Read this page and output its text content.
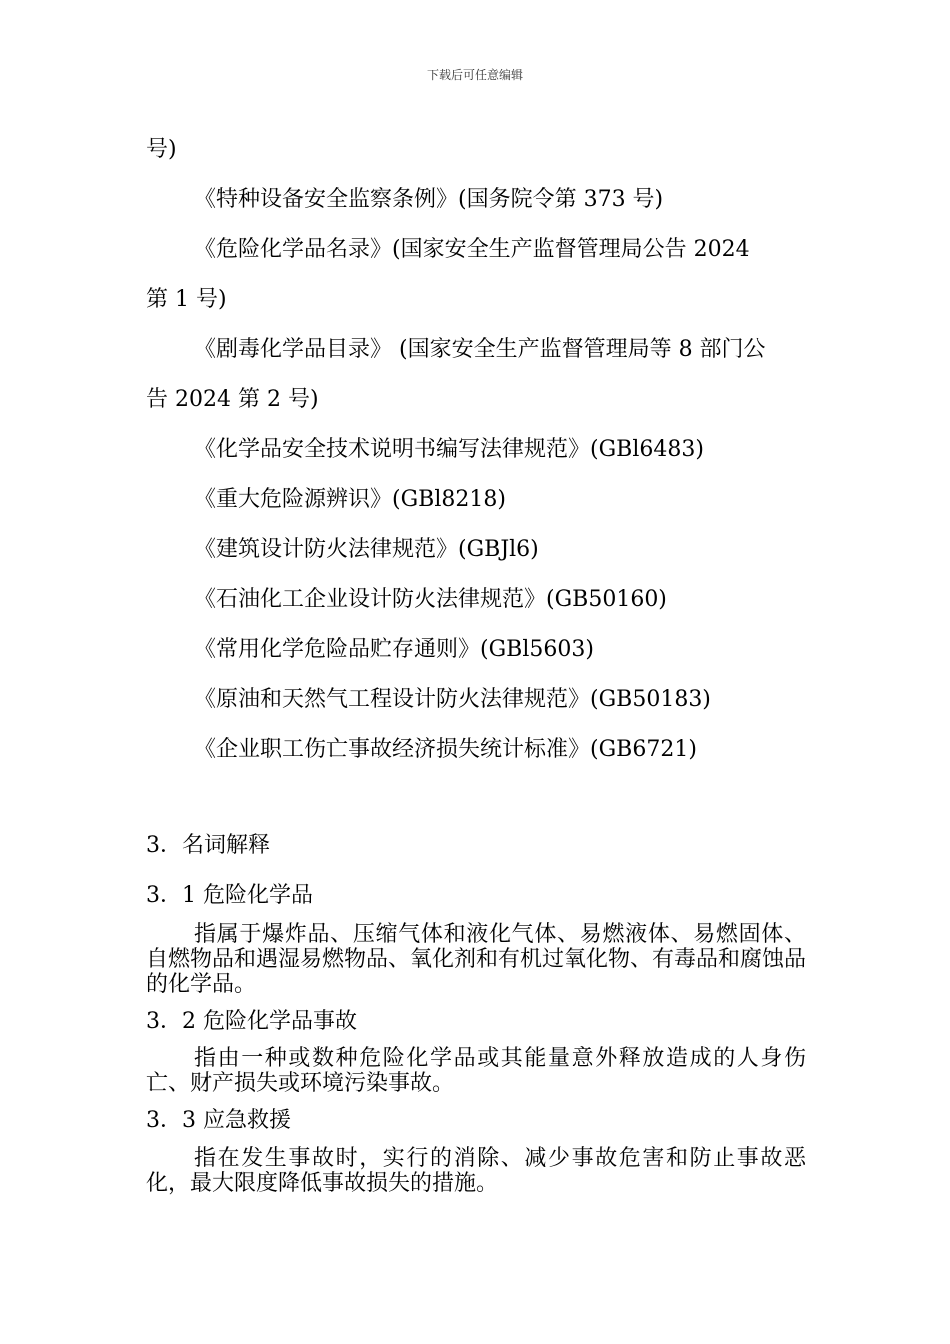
下载后可任意编辑
号)
《特种设备安全监察条例》(国务院令第 373 号)
《危险化学品名录》(国家安全生产监督管理局公告 2024
第 1 号)
《剧毒化学品目录》 (国家安全生产监督管理局等 8 部门公
告 2024 第 2 号)
《化学品安全技术说明书编写法律规范》(GBl6483)
《重大危险源辨识》(GBl8218)
《建筑设计防火法律规范》(GBJl6)
《石油化工企业设计防火法律规范》(GB50160)
《常用化学危险品贮存通则》(GBl5603)
《原油和天然气工程设计防火法律规范》(GB50183)
《企业职工伤亡事故经济损失统计标准》(GB6721)
3．名词解释
3．1 危险化学品
指属于爆炸品、压缩气体和液化气体、易燃液体、易燃固体、自燃物品和遇湿易燃物品、氧化剂和有机过氧化物、有毒品和腐蚀品的化学品。
3．2 危险化学品事故
指由一种或数种危险化学品或其能量意外释放造成的人身伤亡、财产损失或环境污染事故。
3．3 应急救援
指在发生事故时，实行的消除、减少事故危害和防止事故恶化，最大限度降低事故损失的措施。
